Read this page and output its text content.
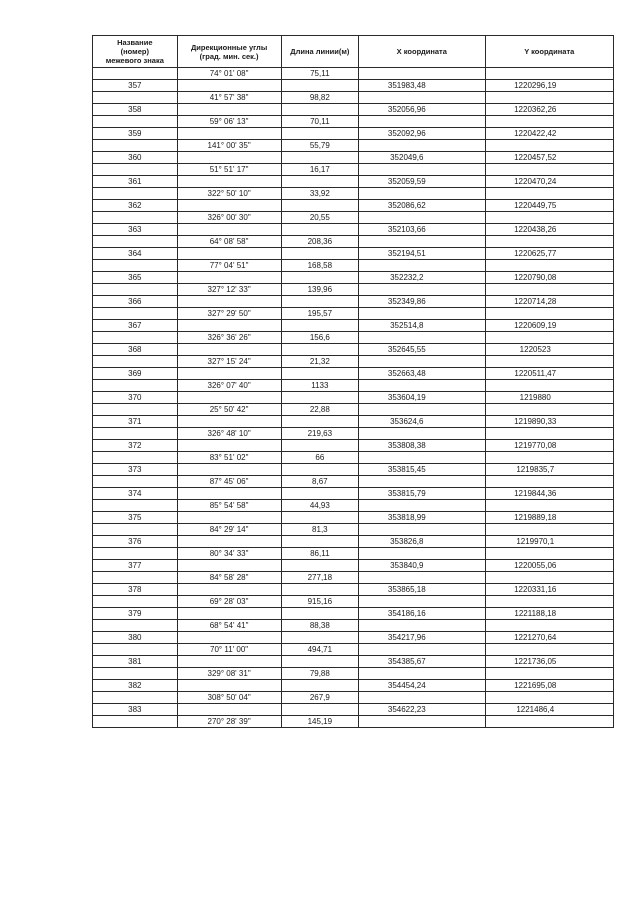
Название
(номер)
межевого знака	Дирекционные углы
(град. мин. сек.)	Длина линии(м)	X координата	Y координата
	74° 01' 08"	75,11		
357			351983,48	1220296,19
	41° 57' 38"	98,82		
358			352056,96	1220362,26
	59° 06' 13"	70,11		
359			352092,96	1220422,42
	141° 00' 35"	55,79		
360			352049,6	1220457,52
	51° 51' 17"	16,17		
361			352059,59	1220470,24
	322° 50' 10"	33,92		
362			352086,62	1220449,75
	326° 00' 30"	20,55		
363			352103,66	1220438,26
	64° 08' 58"	208,36		
364			352194,51	1220625,77
	77° 04' 51"	168,58		
365			352232,2	1220790,08
	327° 12' 33"	139,96		
366			352349,86	1220714,28
	327° 29' 50"	195,57		
367			352514,8	1220609,19
	326° 36' 26"	156,6		
368			352645,55	1220523
	327° 15' 24"	21,32		
369			352663,48	1220511,47
	326° 07' 40"	1133		
370			353604,19	1219880
	25° 50' 42"	22,88		
371			353624,6	1219890,33
	326° 48' 10"	219,63		
372			353808,38	1219770,08
	83° 51' 02"	66		
373			353815,45	1219835,7
	87° 45' 06"	8,67		
374			353815,79	1219844,36
	85° 54' 58"	44,93		
375			353818,99	1219889,18
	84° 29' 14"	81,3		
376			353826,8	1219970,1
	80° 34' 33"	86,11		
377			353840,9	1220055,06
	84° 58' 28"	277,18		
378			353865,18	1220331,16
	69° 28' 03"	915,16		
379			354186,16	1221188,18
	68° 54' 41"	88,38		
380			354217,96	1221270,64
	70° 11' 00"	494,71		
381			354385,67	1221736,05
	329° 08' 31"	79,88		
382			354454,24	1221695,08
	308° 50' 04"	267,9		
383			354622,23	1221486,4
	270° 28' 39"	145,19		
